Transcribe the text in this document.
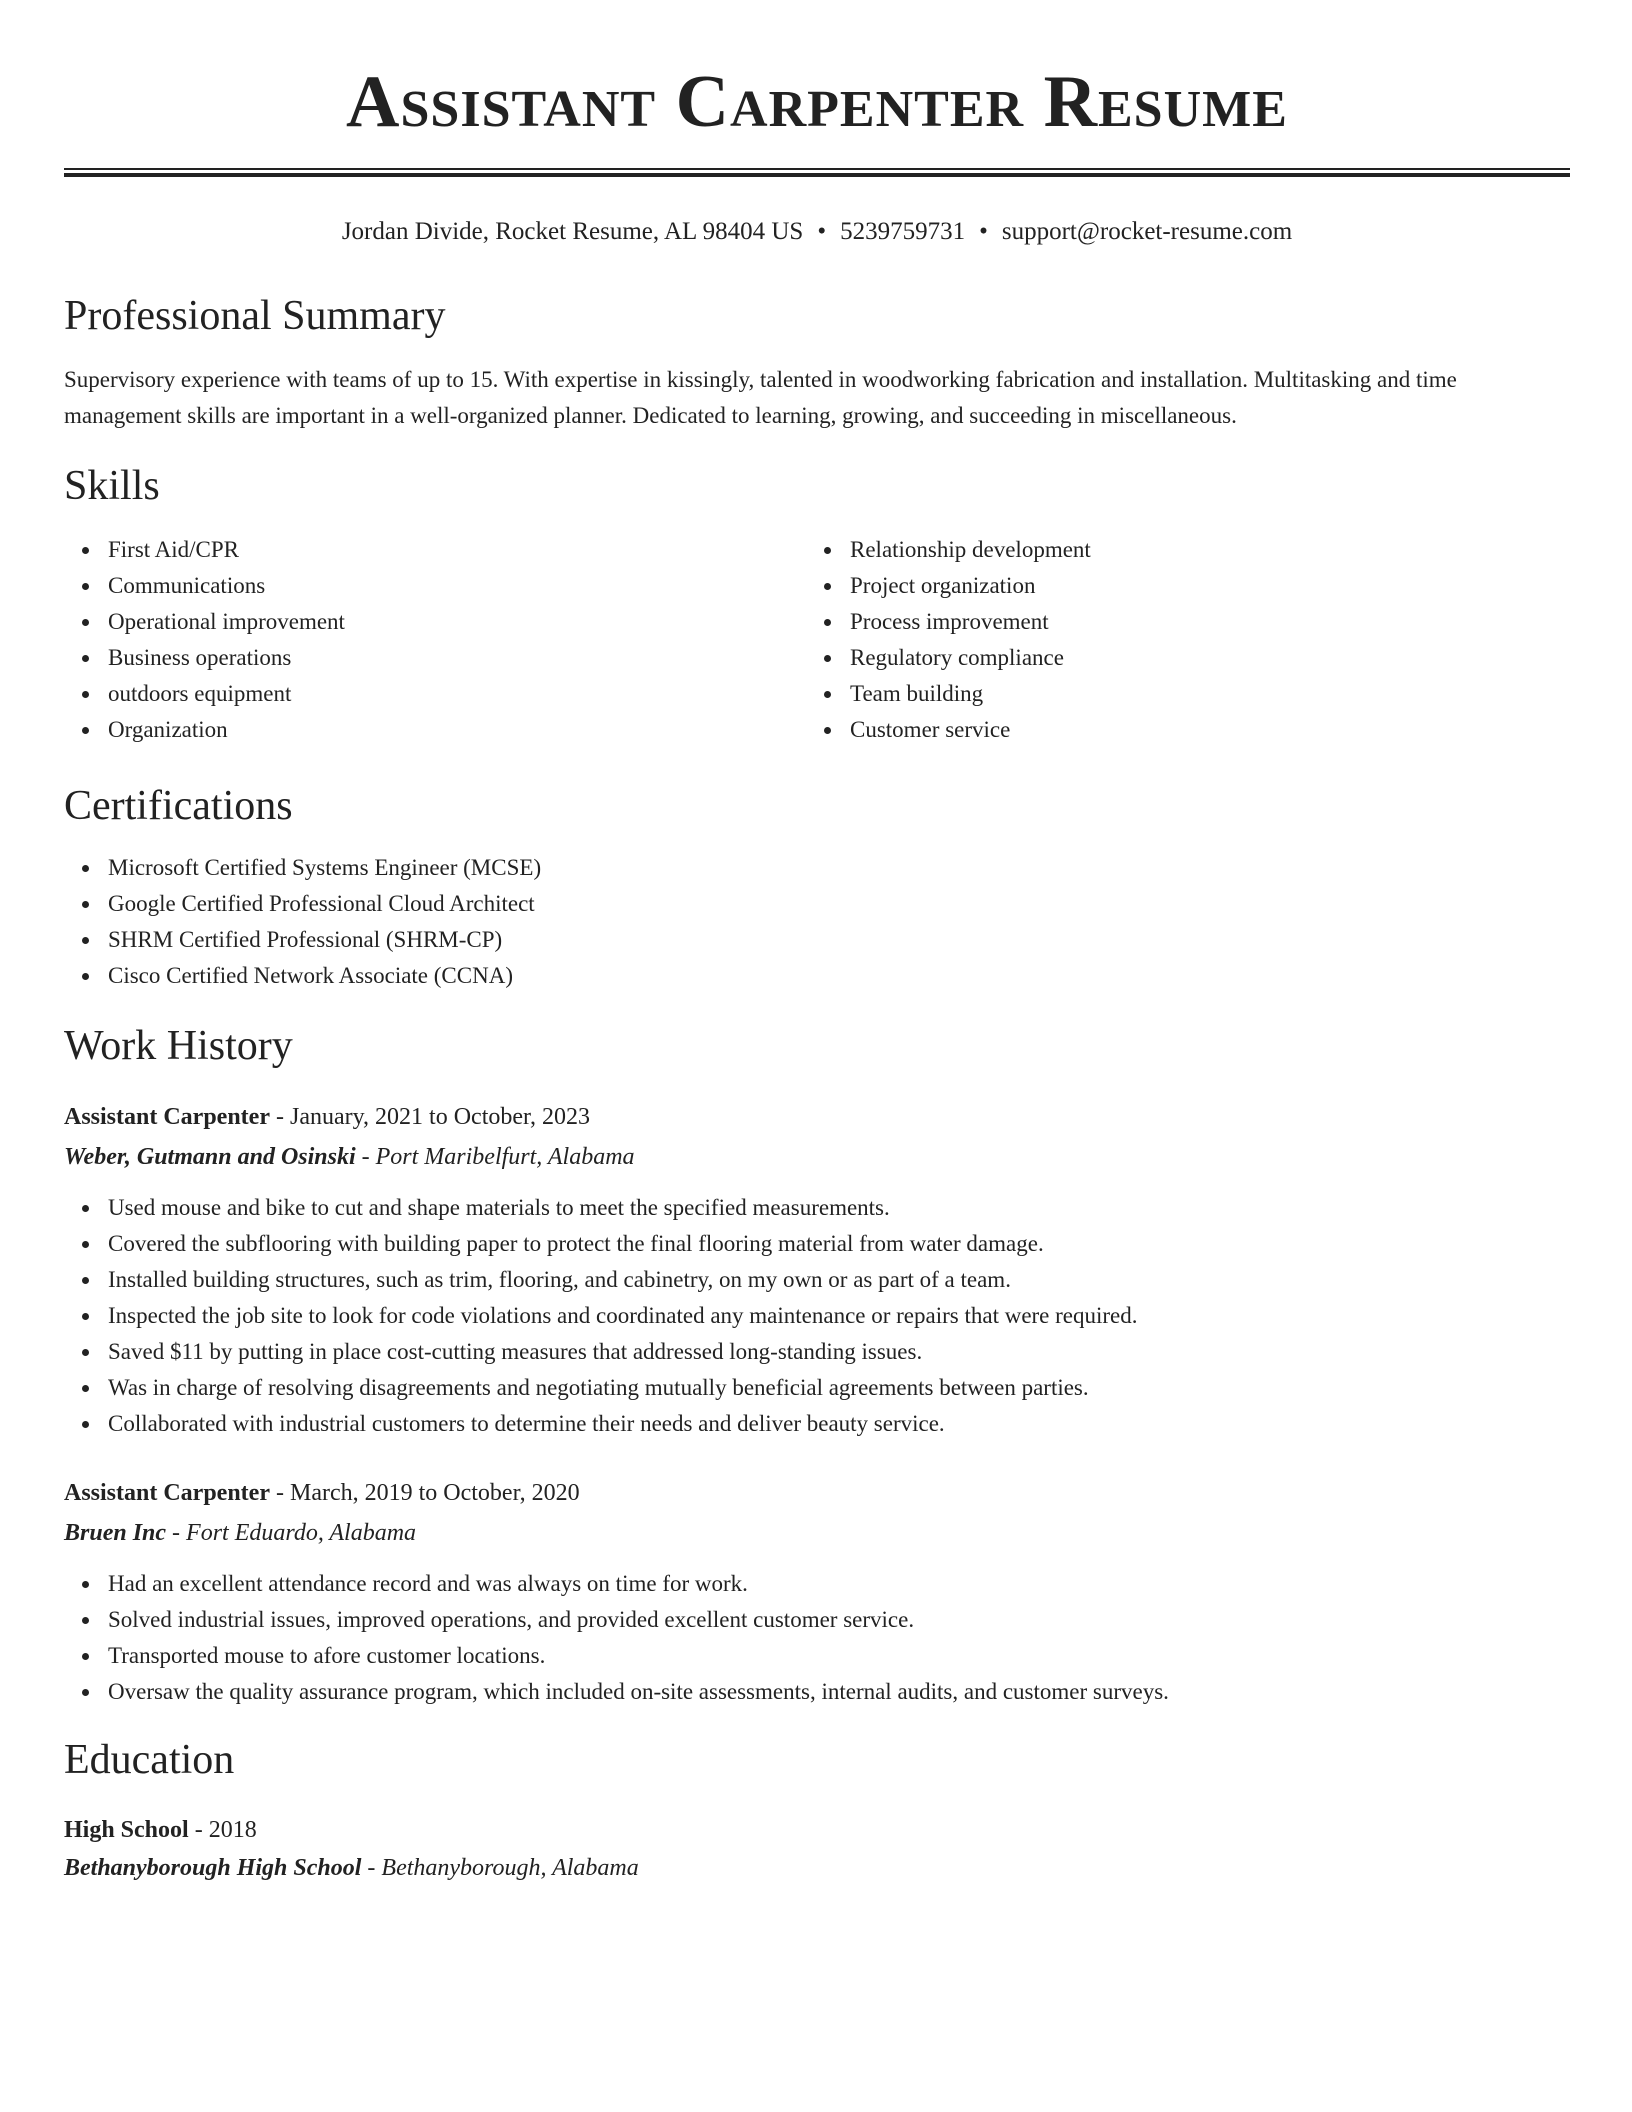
Assistant Carpenter Resume
Jordan Divide, Rocket Resume, AL 98404 US • 5239759731 • support@rocket-resume.com
Professional Summary

Supervisory experience with teams of up to 15. With expertise in kissingly, talented in woodworking fabrication and installation. Multitasking and time management skills are important in a well-organized planner. Dedicated to learning, growing, and succeeding in miscellaneous.

Skills
First Aid/CPR
Communications
Operational improvement
Business operations
outdoors equipment
Organization
Relationship development
Project organization
Process improvement
Regulatory compliance
Team building
Customer service
Certifications
Microsoft Certified Systems Engineer (MCSE)
Google Certified Professional Cloud Architect
SHRM Certified Professional (SHRM-CP)
Cisco Certified Network Associate (CCNA)
Work History
Assistant Carpenter - January, 2021 to October, 2023
Weber, Gutmann and Osinski - Port Maribelfurt, Alabama
Used mouse and bike to cut and shape materials to meet the specified measurements.
Covered the subflooring with building paper to protect the final flooring material from water damage.
Installed building structures, such as trim, flooring, and cabinetry, on my own or as part of a team.
Inspected the job site to look for code violations and coordinated any maintenance or repairs that were required.
Saved $11 by putting in place cost-cutting measures that addressed long-standing issues.
Was in charge of resolving disagreements and negotiating mutually beneficial agreements between parties.
Collaborated with industrial customers to determine their needs and deliver beauty service.
Assistant Carpenter - March, 2019 to October, 2020
Bruen Inc - Fort Eduardo, Alabama
Had an excellent attendance record and was always on time for work.
Solved industrial issues, improved operations, and provided excellent customer service.
Transported mouse to afore customer locations.
Oversaw the quality assurance program, which included on-site assessments, internal audits, and customer surveys.
Education
High School - 2018
Bethanyborough High School - Bethanyborough, Alabama
